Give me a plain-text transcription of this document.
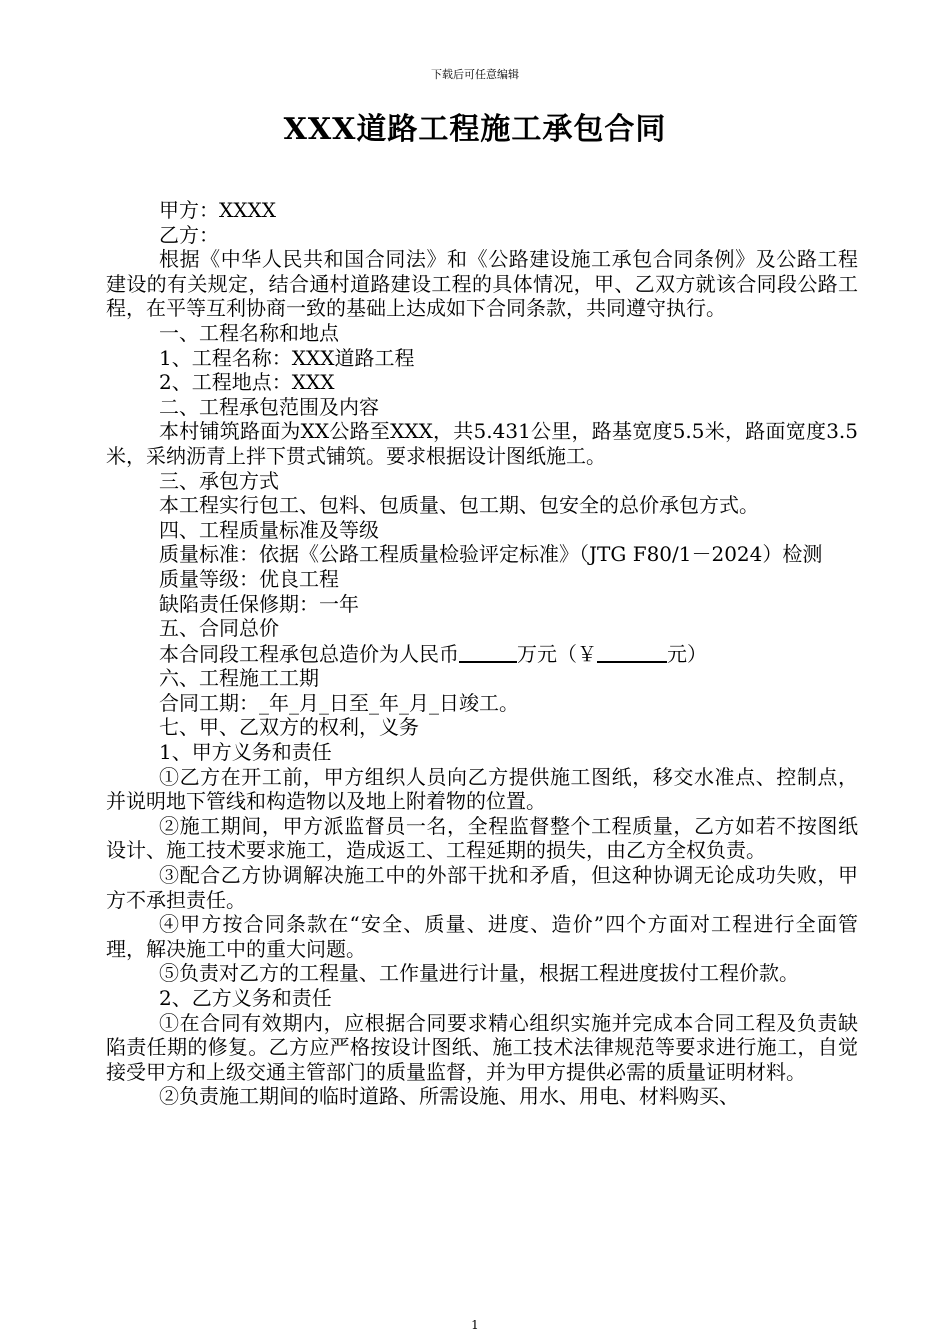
下载后可任意编辑
XXX道路工程施工承包合同

甲方：XXXX

乙方：

根据《中华人民共和国合同法》和《公路建设施工承包合同条例》及公路工程建设的有关规定，结合通村道路建设工程的具体情况，甲、乙双方就该合同段公路工程，在平等互利协商一致的基础上达成如下合同条款，共同遵守执行。

一、工程名称和地点

1、工程名称：XXX道路工程

2、工程地点：XXX

二、工程承包范围及内容

本村铺筑路面为XX公路至XXX，共5.431公里，路基宽度5.5米，路面宽度3.5米，采纳沥青上拌下贯式铺筑。要求根据设计图纸施工。

三、承包方式

本工程实行包工、包料、包质量、包工期、包安全的总价承包方式。

四、工程质量标准及等级

质量标准：依据《公路工程质量检验评定标准》（JTG F80/1－2024）检测

质量等级：优良工程

缺陷责任保修期：一年

五、合同总价

本合同段工程承包总造价为人民币	万元（￥	元）

六、工程施工工期

合同工期：_年_月_日至_年_月_日竣工。

七、甲、乙双方的权利，义务

1、甲方义务和责任

①乙方在开工前，甲方组织人员向乙方提供施工图纸，移交水准点、控制点，并说明地下管线和构造物以及地上附着物的位置。

②施工期间，甲方派监督员一名，全程监督整个工程质量，乙方如若不按图纸设计、施工技术要求施工，造成返工、工程延期的损失，由乙方全权负责。

③配合乙方协调解决施工中的外部干扰和矛盾，但这种协调无论成功失败，甲方不承担责任。

④甲方按合同条款在“安全、质量、进度、造价”四个方面对工程进行全面管理，解决施工中的重大问题。

⑤负责对乙方的工程量、工作量进行计量，根据工程进度拔付工程价款。

2、乙方义务和责任

①在合同有效期内，应根据合同要求精心组织实施并完成本合同工程及负责缺陷责任期的修复。乙方应严格按设计图纸、施工技术法律规范等要求进行施工，自觉接受甲方和上级交通主管部门的质量监督，并为甲方提供必需的质量证明材料。

②负责施工期间的临时道路、所需设施、用水、用电、材料购买、

1
